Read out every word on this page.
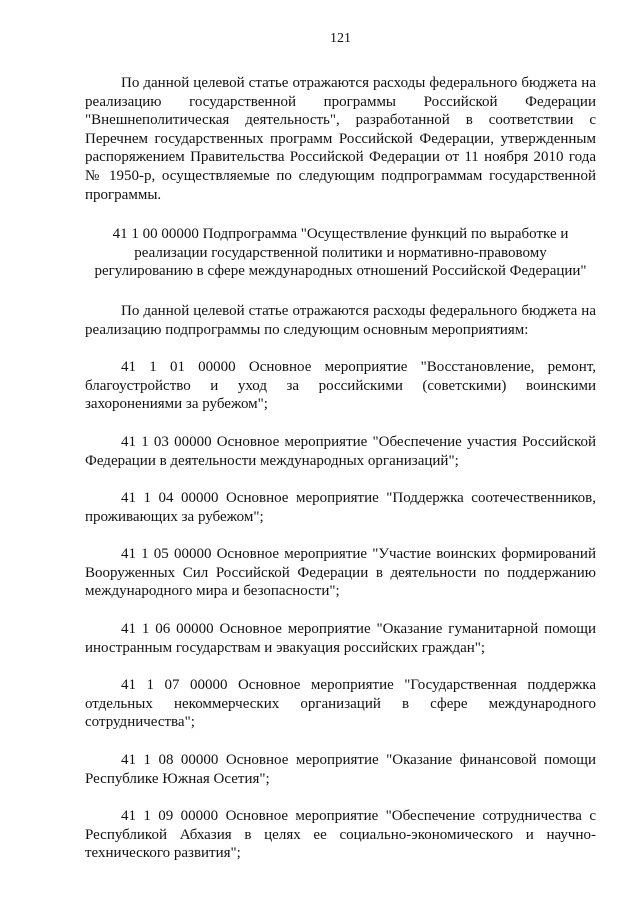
121

По данной целевой статье отражаются расходы федерального бюджета на реализацию государственной программы Российской Федерации "Внешнеполитическая деятельность", разработанной в соответствии с Перечнем государственных программ Российской Федерации, утвержденным распоряжением Правительства Российской Федерации от 11 ноября 2010 года № 1950-р, осуществляемые по следующим подпрограммам государственной программы.

41 1 00 00000 Подпрограмма "Осуществление функций по выработке и реализации государственной политики и нормативно-правовому регулированию в сфере международных отношений Российской Федерации"

По данной целевой статье отражаются расходы федерального бюджета на реализацию подпрограммы по следующим основным мероприятиям:

41 1 01 00000 Основное мероприятие "Восстановление, ремонт, благоустройство и уход за российскими (советскими) воинскими захоронениями за рубежом";

41 1 03 00000 Основное мероприятие "Обеспечение участия Российской Федерации в деятельности международных организаций";

41 1 04 00000 Основное мероприятие "Поддержка соотечественников, проживающих за рубежом";

41 1 05 00000 Основное мероприятие "Участие воинских формирований Вооруженных Сил Российской Федерации в деятельности по поддержанию международного мира и безопасности";

41 1 06 00000 Основное мероприятие "Оказание гуманитарной помощи иностранным государствам и эвакуация российских граждан";

41 1 07 00000 Основное мероприятие "Государственная поддержка отдельных некоммерческих организаций в сфере международного сотрудничества";

41 1 08 00000 Основное мероприятие "Оказание финансовой помощи Республике Южная Осетия";

41 1 09 00000 Основное мероприятие "Обеспечение сотрудничества с Республикой Абхазия в целях ее социально-экономического и научно-технического развития";
